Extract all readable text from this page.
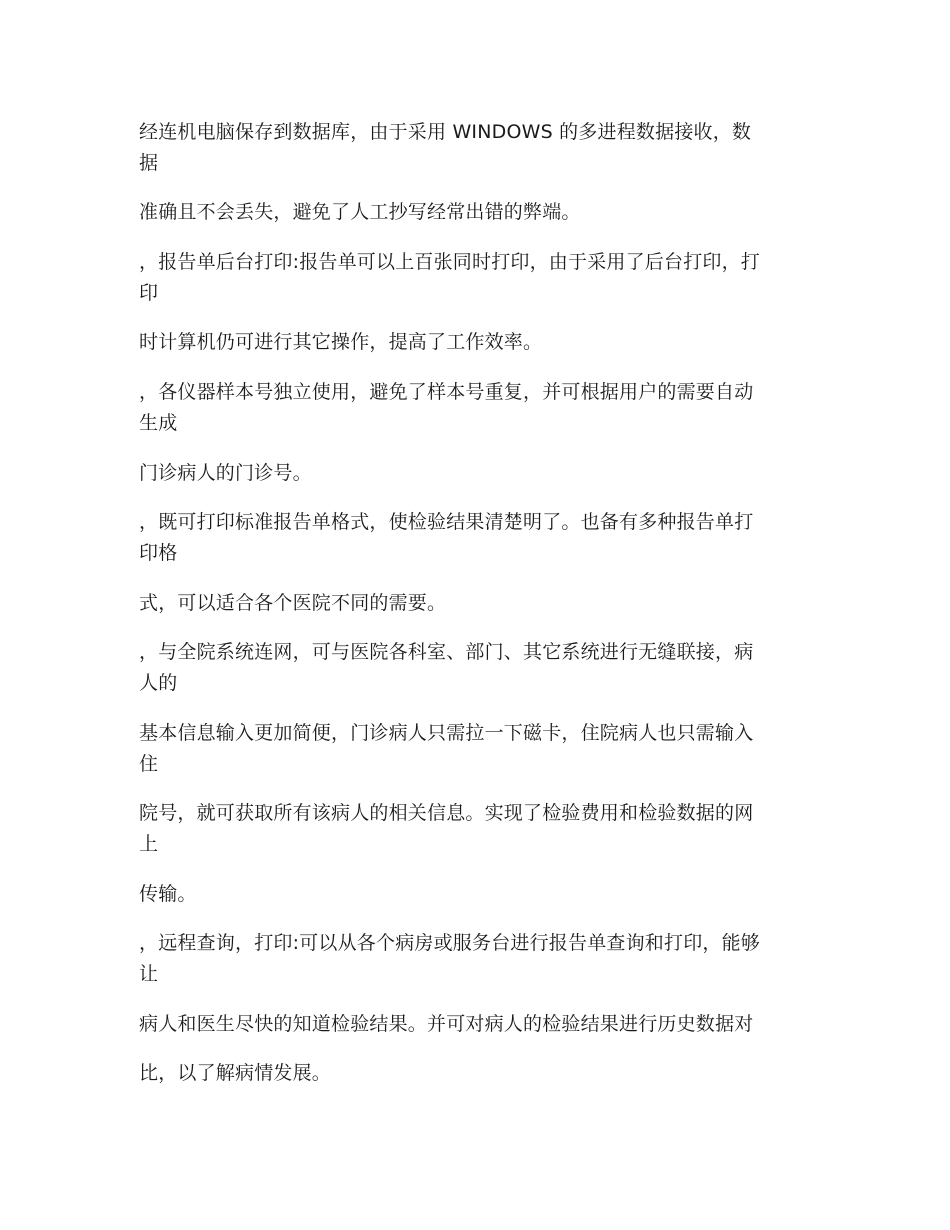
经连机电脑保存到数据库，由于采用 WINDOWS 的多进程数据接收，数
据
准确且不会丢失，避免了人工抄写经常出错的弊端。
，报告单后台打印:报告单可以上百张同时打印，由于采用了后台打印，打
印
时计算机仍可进行其它操作，提高了工作效率。
，各仪器样本号独立使用，避免了样本号重复，并可根据用户的需要自动
生成
门诊病人的门诊号。
，既可打印标准报告单格式，使检验结果清楚明了。也备有多种报告单打
印格
式，可以适合各个医院不同的需要。
，与全院系统连网，可与医院各科室、部门、其它系统进行无缝联接，病
人的
基本信息输入更加简便，门诊病人只需拉一下磁卡，住院病人也只需输入
住
院号，就可获取所有该病人的相关信息。实现了检验费用和检验数据的网
上
传输。
，远程查询，打印:可以从各个病房或服务台进行报告单查询和打印，能够
让
病人和医生尽快的知道检验结果。并可对病人的检验结果进行历史数据对
比，以了解病情发展。
